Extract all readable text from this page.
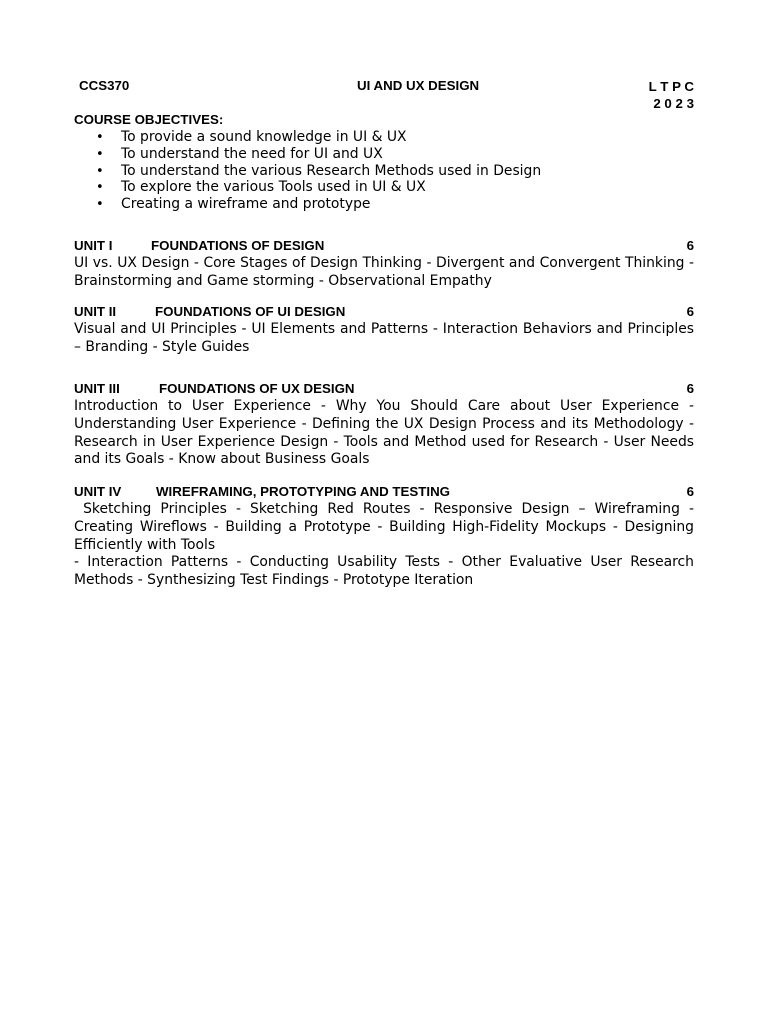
CCS370	UI AND UX DESIGN	L T P C
2 0 2 3
COURSE OBJECTIVES:
• To provide a sound knowledge in UI & UX
• To understand the need for UI and UX
• To understand the various Research Methods used in Design
• To explore the various Tools used in UI & UX
• Creating a wireframe and prototype
UNIT I	FOUNDATIONS OF DESIGN	6

UI vs. UX Design - Core Stages of Design Thinking - Divergent and Convergent Thinking - Brainstorming and Game storming - Observational Empathy

UNIT II	FOUNDATIONS OF UI DESIGN	6

Visual and UI Principles - UI Elements and Patterns - Interaction Behaviors and Principles – Branding - Style Guides

UNIT III	FOUNDATIONS OF UX DESIGN	6

Introduction to User Experience - Why You Should Care about User Experience - Understanding User Experience - Defining the UX Design Process and its Methodology - Research in User Experience Design - Tools and Method used for Research - User Needs and its Goals - Know about Business Goals

UNIT IV	WIREFRAMING, PROTOTYPING AND TESTING	6

Sketching Principles - Sketching Red Routes - Responsive Design – Wireframing - Creating Wireflows - Building a Prototype - Building High-Fidelity Mockups - Designing Efficiently with Tools

- Interaction Patterns - Conducting Usability Tests - Other Evaluative User Research Methods - Synthesizing Test Findings - Prototype Iteration
